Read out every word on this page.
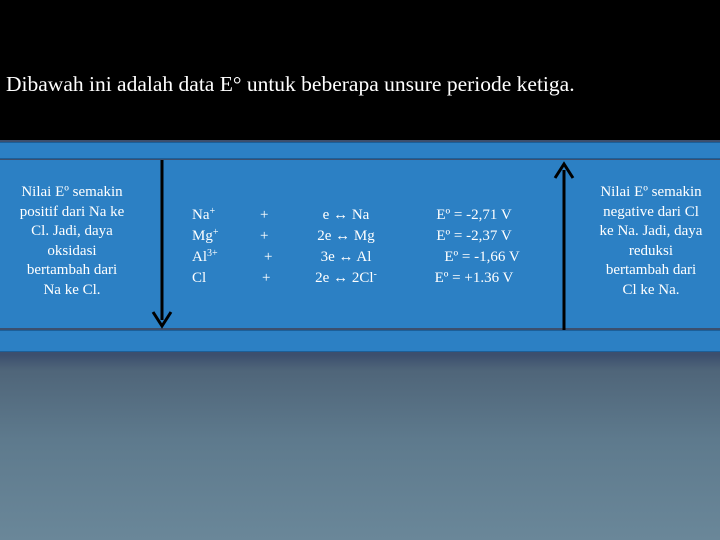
Dibawah ini adalah data E° untuk beberapa unsure periode ketiga.
Nilai Eº semakin
positif dari Na ke
Cl. Jadi, daya
oksidasi
bertambah dari
Na ke Cl.
Na+
Mg+
$Al^{3+}$
Cl
+
+
+
+
e ↔ Na
2e ↔ Mg
3e ↔ Al
2e ↔ 2Cl-
Eº = -2,71 V
Eº = -2,37 V
Eº = -1,66 V
Eº = +1.36 V
Nilai Eº semakin
negative dari Cl
ke Na. Jadi, daya
reduksi
bertambah dari
Cl ke Na.
